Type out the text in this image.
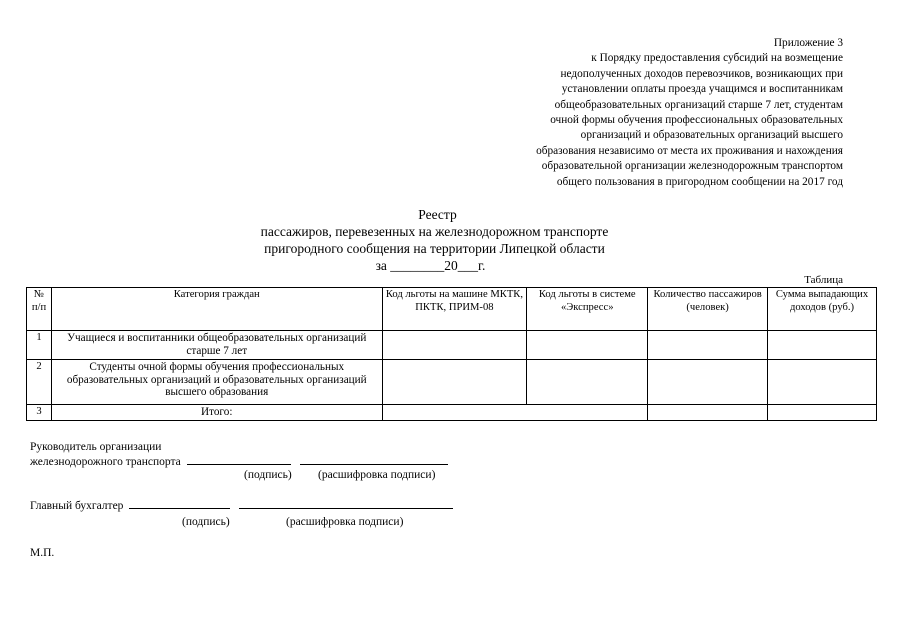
Приложение 3
к Порядку предоставления субсидий на возмещение
недополученных доходов перевозчиков, возникающих при
установлении оплаты проезда учащимся и воспитанникам
общеобразовательных организаций старше 7 лет, студентам
очной формы обучения профессиональных образовательных
организаций и образовательных организаций высшего
образования независимо от места их проживания и нахождения
образовательной организации железнодорожным транспортом
общего пользования в пригородном сообщении на 2017 год
Реестр
пассажиров, перевезенных на железнодорожном транспорте
пригородного сообщения на территории Липецкой области
за ________20___г.
Таблица
№ п/п	Категория граждан	Код льготы на машине МКТК, ПКТК, ПРИМ-08	Код льготы в системе «Экспресс»	Количество пассажиров (человек)	Сумма выпадающих доходов (руб.)
1	Учащиеся и воспитанники общеобразовательных организаций старше 7 лет				
2	Студенты очной формы обучения профессиональных образовательных организаций и образовательных организаций высшего образования				
3	Итого:				
Руководитель организации
железнодорожного транспорта
(подпись) (расшифровка подписи)
Главный бухгалтер
(подпись)	(расшифровка подписи)
М.П.
